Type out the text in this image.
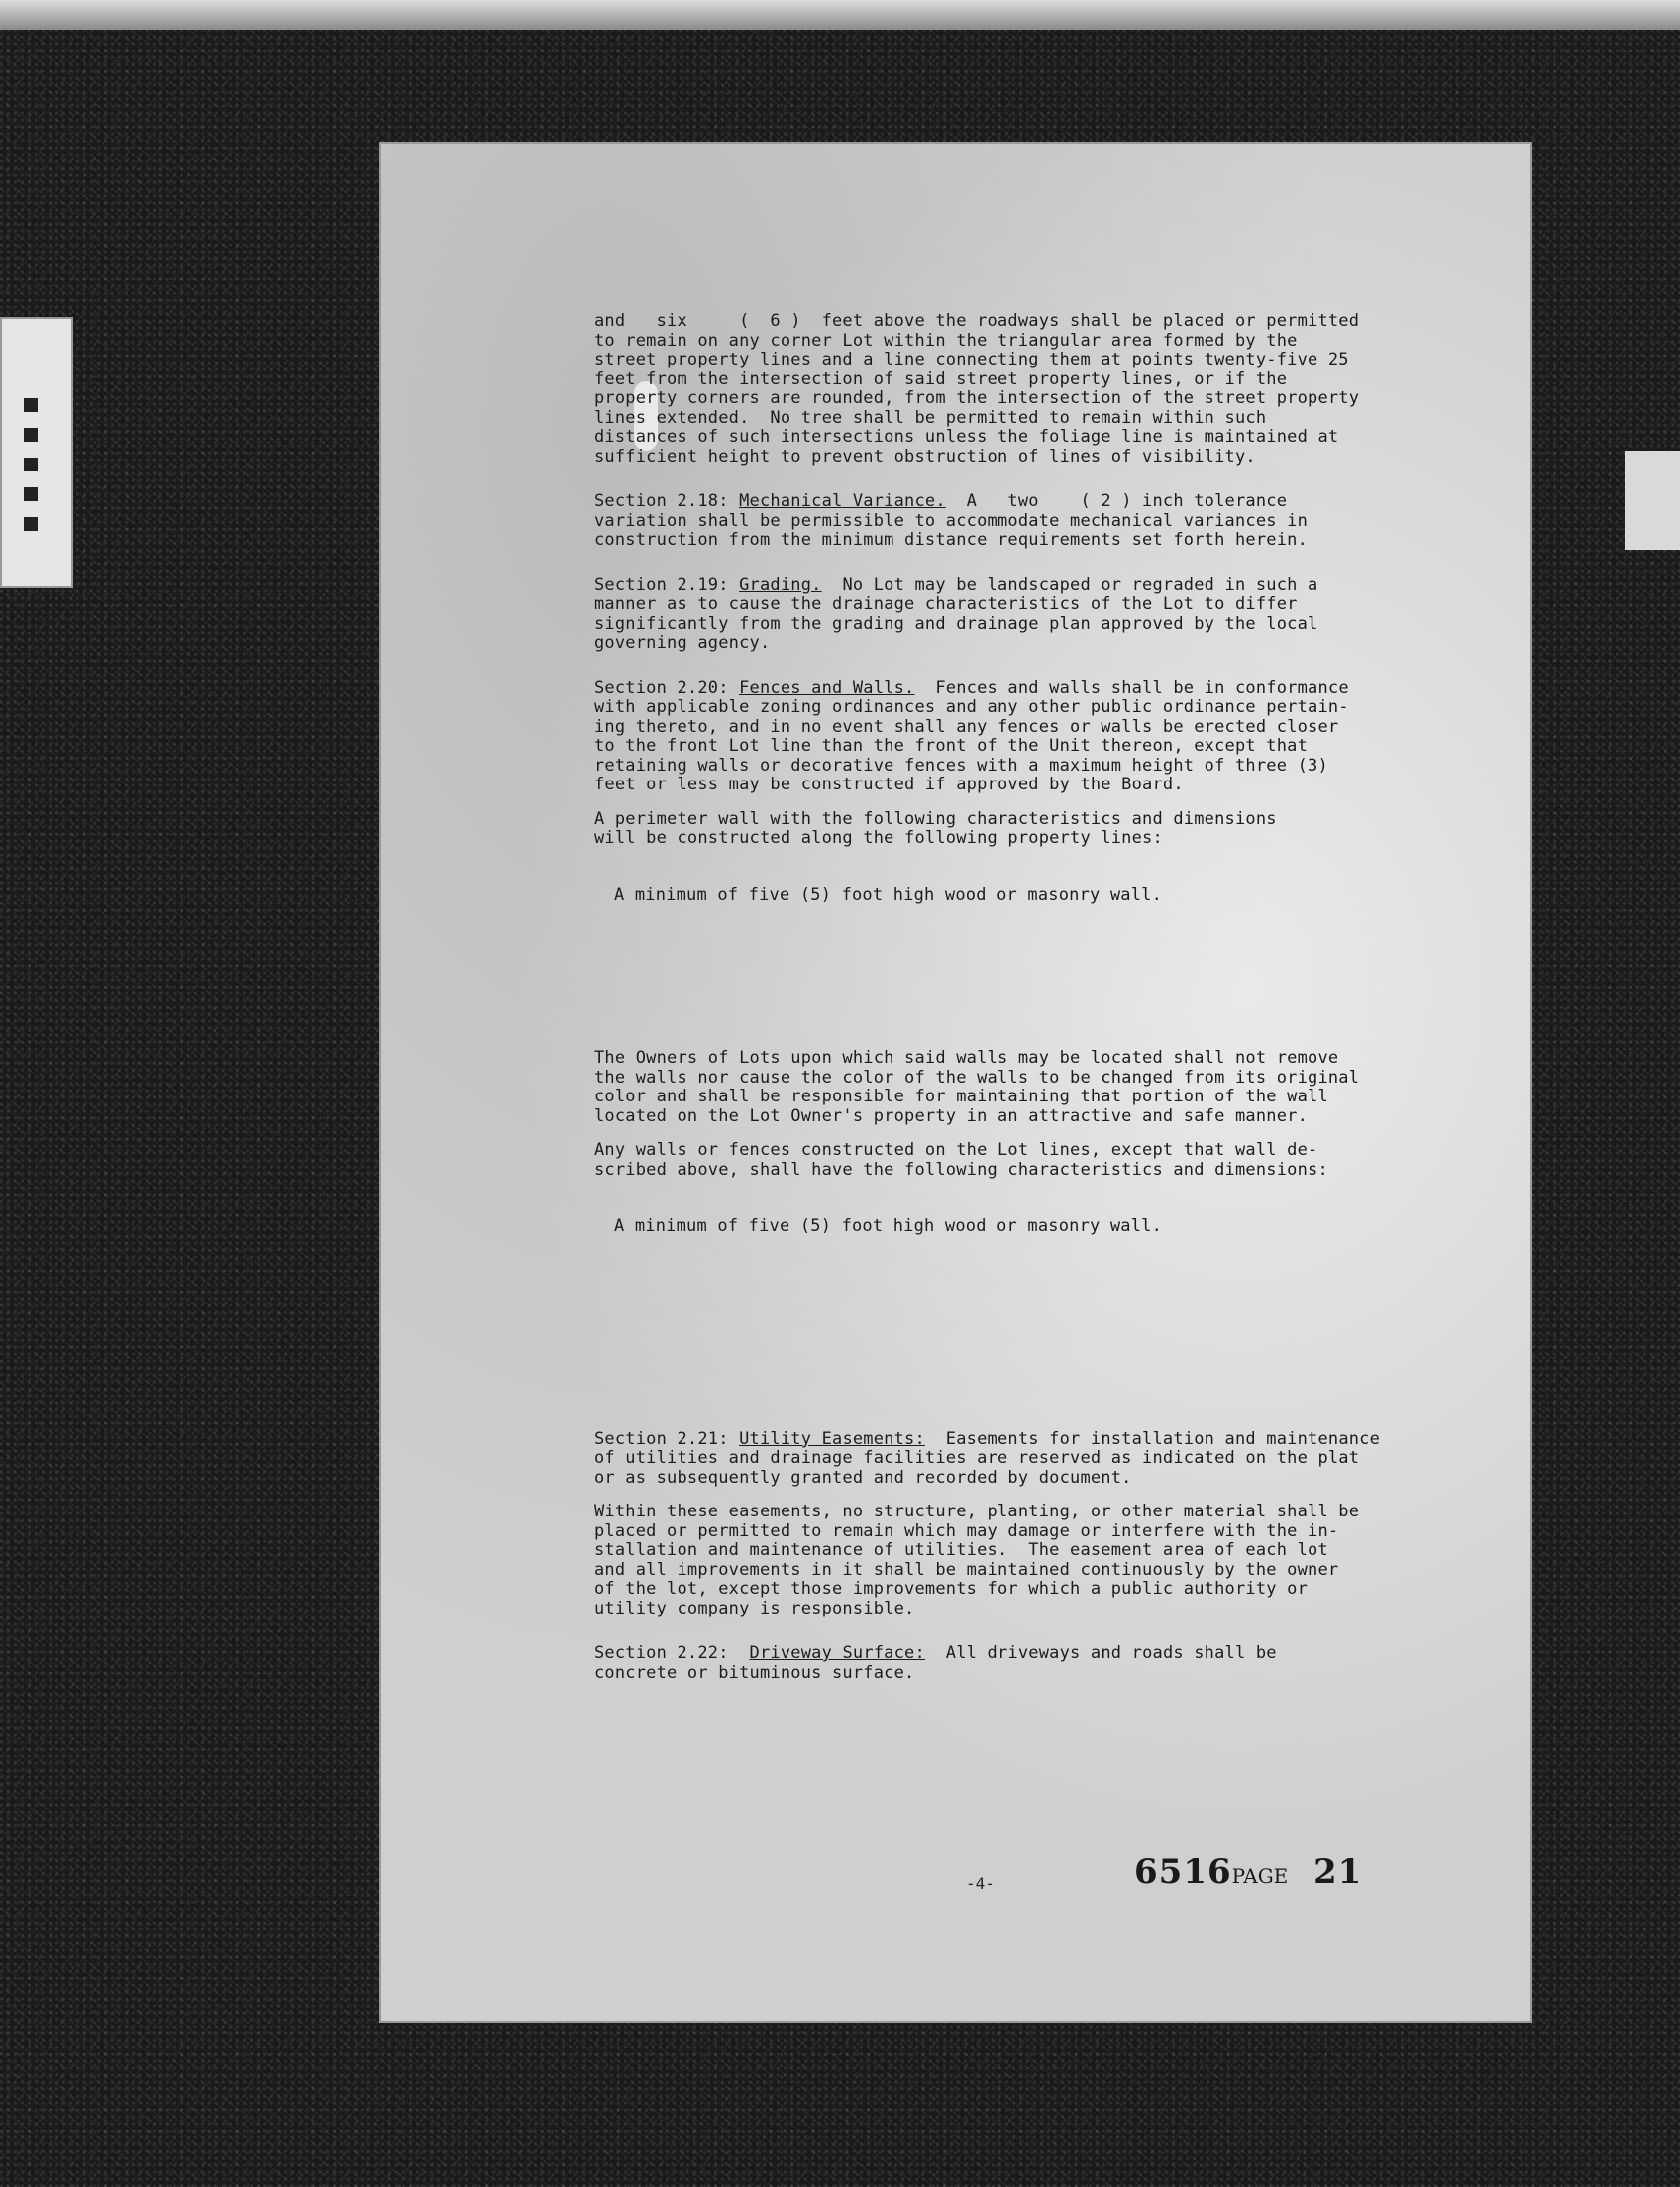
and   six     (  6 )  feet above the roadways shall be placed or permitted

to remain on any corner Lot within the triangular area formed by the

street property lines and a line connecting them at points twenty-five 25

feet from the intersection of said street property lines, or if the

property corners are rounded, from the intersection of the street property

lines extended.  No tree shall be permitted to remain within such

distances of such intersections unless the foliage line is maintained at

sufficient height to prevent obstruction of lines of visibility.

Section 2.18: Mechanical Variance.  A   two    ( 2 ) inch tolerance

variation shall be permissible to accommodate mechanical variances in

construction from the minimum distance requirements set forth herein.

Section 2.19: Grading.  No Lot may be landscaped or regraded in such a

manner as to cause the drainage characteristics of the Lot to differ

significantly from the grading and drainage plan approved by the local

governing agency.

Section 2.20: Fences and Walls.  Fences and walls shall be in conformance

with applicable zoning ordinances and any other public ordinance pertain-

ing thereto, and in no event shall any fences or walls be erected closer

to the front Lot line than the front of the Unit thereon, except that

retaining walls or decorative fences with a maximum height of three (3)

feet or less may be constructed if approved by the Board.

A perimeter wall with the following characteristics and dimensions

will be constructed along the following property lines:

A minimum of five (5) foot high wood or masonry wall.

The Owners of Lots upon which said walls may be located shall not remove

the walls nor cause the color of the walls to be changed from its original

color and shall be responsible for maintaining that portion of the wall

located on the Lot Owner's property in an attractive and safe manner.

Any walls or fences constructed on the Lot lines, except that wall de-

scribed above, shall have the following characteristics and dimensions:

A minimum of five (5) foot high wood or masonry wall.

Section 2.21: Utility Easements:  Easements for installation and maintenance

of utilities and drainage facilities are reserved as indicated on the plat

or as subsequently granted and recorded by document.

Within these easements, no structure, planting, or other material shall be

placed or permitted to remain which may damage or interfere with the in-

stallation and maintenance of utilities.  The easement area of each lot

and all improvements in it shall be maintained continuously by the owner

of the lot, except those improvements for which a public authority or

utility company is responsible.

Section 2.22:  Driveway Surface:  All driveways and roads shall be

concrete or bituminous surface.

-4-	6516PAGE 21
